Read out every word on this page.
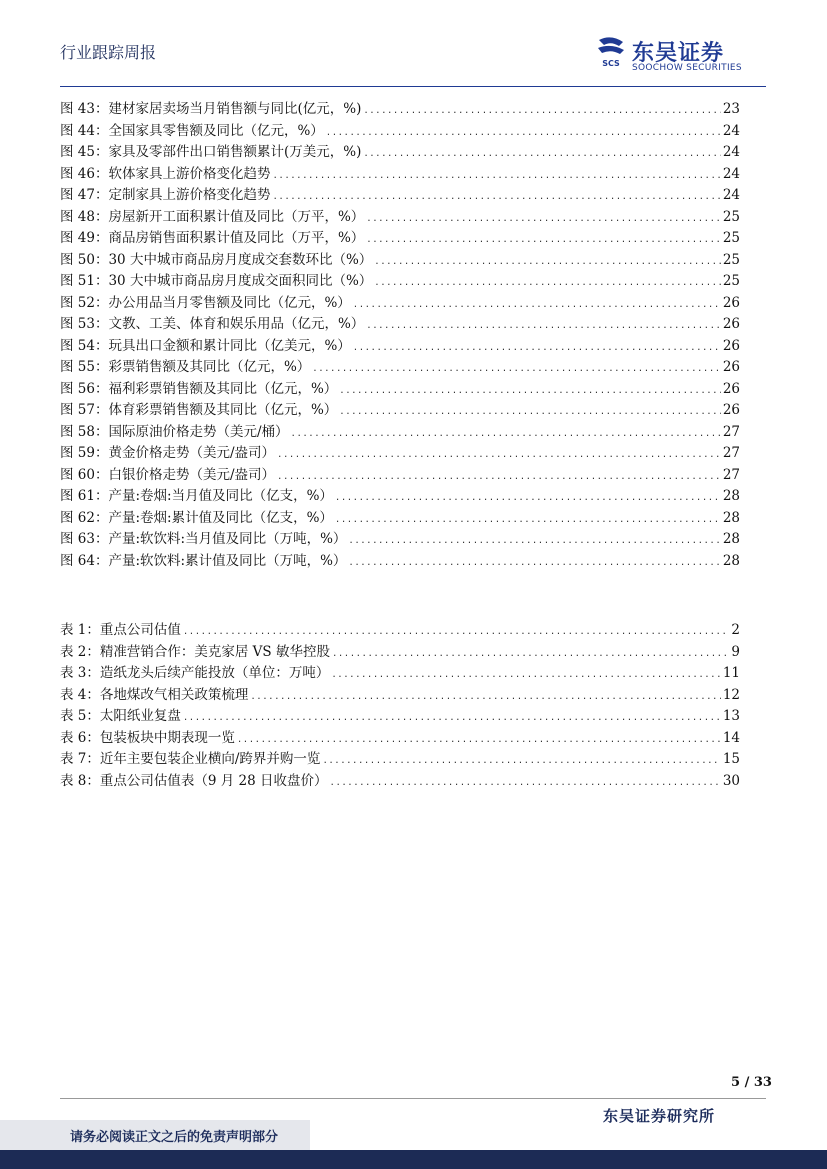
行业跟踪周报
SCS 东吴证券
SOOCHOW SECURITIES
图 43：建材家居卖场当月销售额与同比(亿元，%) .....	23
图 44：全国家具零售额及同比（亿元，%） .....	24
图 45：家具及零部件出口销售额累计(万美元，%) .....	24
图 46：软体家具上游价格变化趋势 .....	24
图 47：定制家具上游价格变化趋势 .....	24
图 48：房屋新开工面积累计值及同比（万平，%） .....	25
图 49：商品房销售面积累计值及同比（万平，%） .....	25
图 50：30 大中城市商品房月度成交套数环比（%） .....	25
图 51：30 大中城市商品房月度成交面积同比（%） .....	25
图 52：办公用品当月零售额及同比（亿元，%） .....	26
图 53：文教、工美、体育和娱乐用品（亿元，%） .....	26
图 54：玩具出口金额和累计同比（亿美元，%） .....	26
图 55：彩票销售额及其同比（亿元，%） .....	26
图 56：福利彩票销售额及其同比（亿元，%） .....	26
图 57：体育彩票销售额及其同比（亿元，%） .....	26
图 58：国际原油价格走势（美元/桶） .....	27
图 59：黄金价格走势（美元/盎司） .....	27
图 60：白银价格走势（美元/盎司） .....	27
图 61：产量:卷烟:当月值及同比（亿支，%） .....	28
图 62：产量:卷烟:累计值及同比（亿支，%） .....	28
图 63：产量:软饮料:当月值及同比（万吨，%） .....	28
图 64：产量:软饮料:累计值及同比（万吨，%） .....	28
表 1：重点公司估值 .....	2
表 2：精准营销合作：美克家居 VS 敏华控股 .....	9
表 3：造纸龙头后续产能投放（单位：万吨） .....	11
表 4：各地煤改气相关政策梳理 .....	12
表 5：太阳纸业复盘 .....	13
表 6：包装板块中期表现一览 .....	14
表 7：近年主要包装企业横向/跨界并购一览 .....	15
表 8：重点公司估值表（9 月 28 日收盘价） .....	30
5 / 33
东吴证券研究所
请务必阅读正文之后的免责声明部分
